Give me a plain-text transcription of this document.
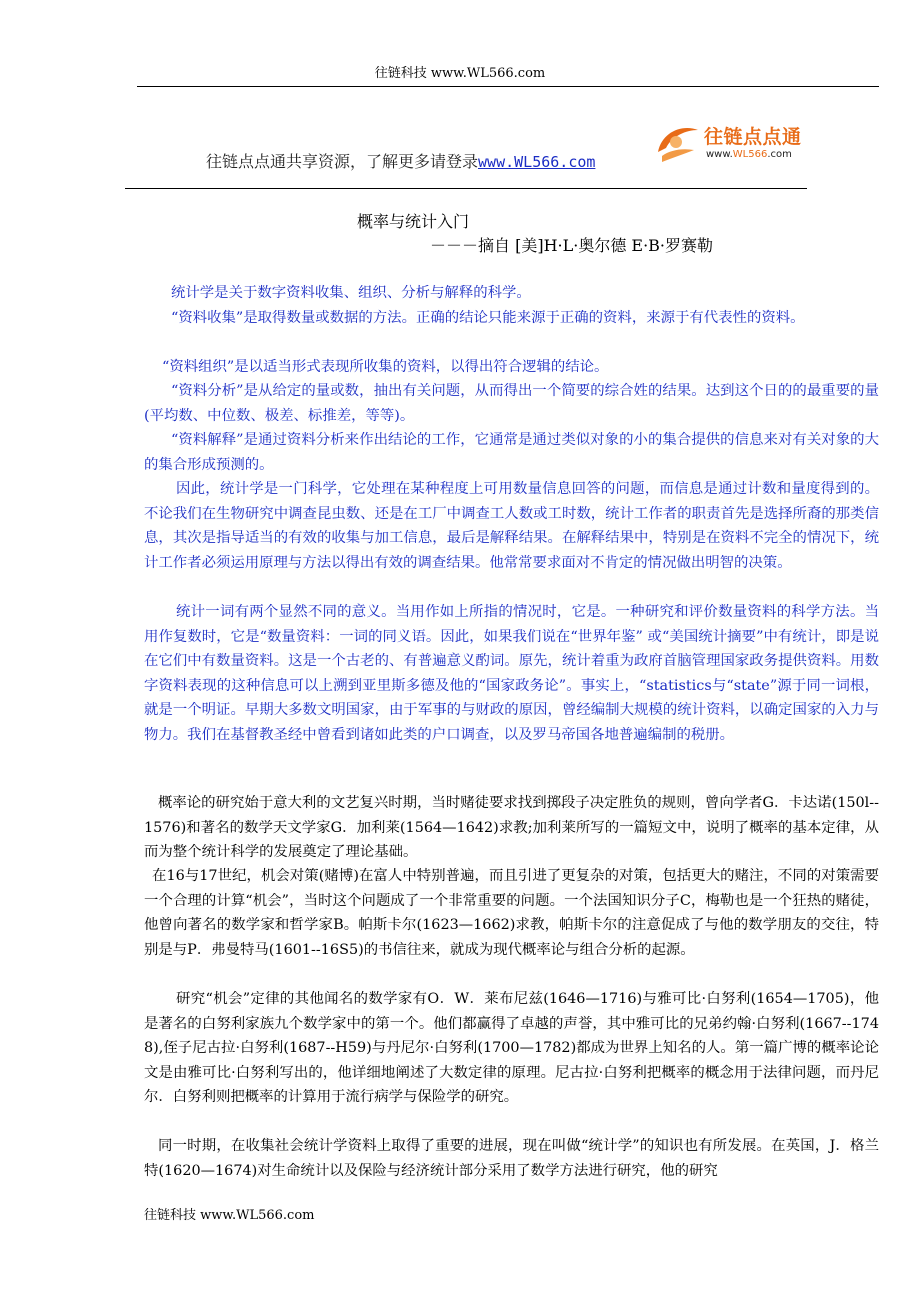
往链科技 www.WL566.com
往链点点通共享资源，了解更多请登录www.WL566.com
往链点点通
www.WL566.com
概率与统计入门
－－－摘自 [美]H·L·奥尔德 E·B·罗赛勒

统计学是关于数字资料收集、组织、分析与解释的科学。

“资料收集”是取得数量或数据的方法。正确的结论只能来源于正确的资料，来源于有代表性的资料。

“资料组织”是以适当形式表现所收集的资料，以得出符合逻辑的结论。

“资料分析”是从给定的量或数，抽出有关问题，从而得出一个简要的综合姓的结果。达到这个日的的最重要的量(平均数、中位数、极差、标推差，等等)。

“资料解释”是通过资料分析来作出结论的工作，它通常是通过类似对象的小的集合提供的信息来对有关对象的大的集合形成预测的。

因此，统计学是一门科学，它处理在某种程度上可用数量信息回答的问题，而信息是通过计数和量度得到的。不论我们在生物研究中调查昆虫数、还是在工厂中调查工人数或工时数，统计工作者的职责首先是选择所裔的那类信息，其次是指导适当的有效的收集与加工信息，最后是解释结果。在解释结果中，特别是在资料不完全的情况下，统计工作者必须运用原理与方法以得出有效的调查结果。他常常要求面对不肯定的情况做出明智的决策。

统计一词有两个显然不同的意义。当用作如上所指的情况时，它是。一种研究和评价数量资料的科学方法。当用作复数时，它是“数量资料：一词的同义语。因此，如果我们说在“世界年鉴” 或“美国统计摘要”中有统计，即是说在它们中有数量资料。这是一个古老的、有普遍意义酌词。原先，统计着重为政府首脑管理国家政务提供资料。用数字资料表现的这种信息可以上溯到亚里斯多德及他的“国家政务论”。事实上，“statistics与“state”源于同一词根，就是一个明证。早期大多数文明国家，由于军事的与财政的原因，曾经编制大规模的统计资料，以确定国家的入力与物力。我们在基督教圣经中曾看到诸如此类的户口调查，以及罗马帝国各地普遍编制的税册。

概率论的研究始于意大利的文艺复兴时期，当时赌徒要求找到掷段子决定胜负的规则，曾向学者G．卡达诺(150l--1576)和著名的数学天文学家G．加利莱(1564—1642)求教;加利莱所写的一篇短文中，说明了概率的基本定律，从而为整个统计科学的发展奠定了理论基础。

在16与17世纪，机会对策(赌博)在富人中特别普遍，而且引进了更复杂的对策，包括更大的赌注，不同的对策需要一个合理的计算“机会”，当时这个问题成了一个非常重要的问题。一个法国知识分子C，梅勒也是一个狂热的赌徒，他曾向著名的数学家和哲学家B。帕斯卡尔(1623—1662)求教，帕斯卡尔的注意促成了与他的数学朋友的交往，特别是与P．弗曼特马(1601--16S5)的书信往来，就成为现代概率论与组合分析的起源。

研究“机会”定律的其他闻名的数学家有O．W．莱布尼兹(1646—1716)与雅可比·白努利(1654—1705)，他是著名的白努利家族九个数学家中的第一个。他们都赢得了卓越的声誉，其中雅可比的兄弟约翰·白努利(1667--1748),侄子尼古拉·白努利(1687--H59)与丹尼尔·白努利(1700—1782)都成为世界上知名的人。第一篇广博的概率论论文是由雅可比·白努利写出的，他详细地阐述了大数定律的原理。尼古拉·白努利把概率的概念用于法律问题，而丹尼尔．白努利则把概率的计算用于流行病学与保险学的研究。

同一时期，在收集社会统计学资料上取得了重要的进展，现在叫做“统计学”的知识也有所发展。在英国，J．格兰特(1620—1674)对生命统计以及保险与经济统计部分采用了数学方法进行研究，他的研究

往链科技 www.WL566.com
